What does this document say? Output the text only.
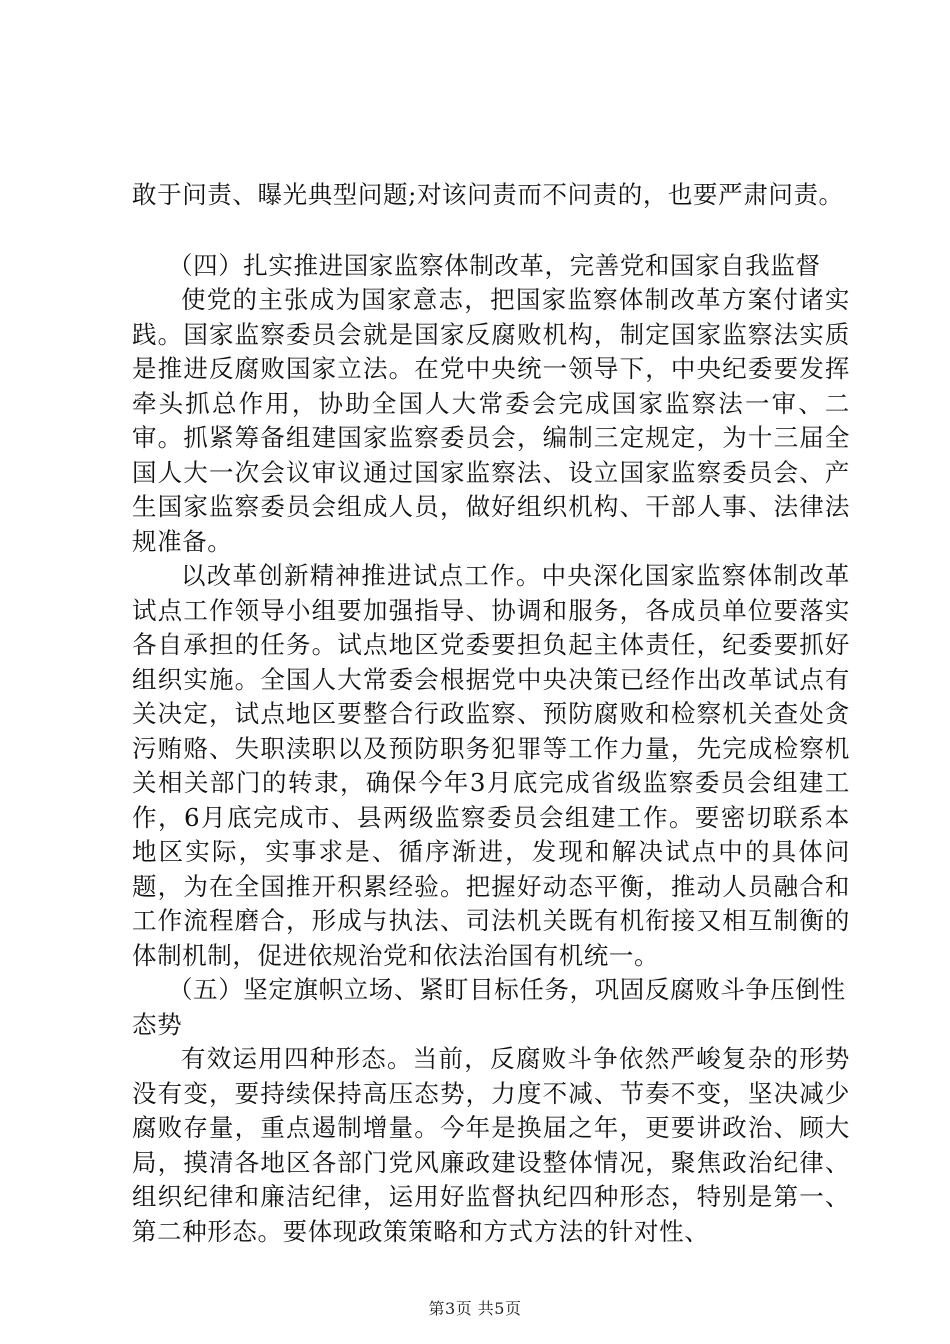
敢于问责、曝光典型问题;对该问责而不问责的，也要严肃问责。

（四）扎实推进国家监察体制改革，完善党和国家自我监督

使党的主张成为国家意志，把国家监察体制改革方案付诸实践。国家监察委员会就是国家反腐败机构，制定国家监察法实质是推进反腐败国家立法。在党中央统一领导下，中央纪委要发挥牵头抓总作用，协助全国人大常委会完成国家监察法一审、二审。抓紧筹备组建国家监察委员会，编制三定规定，为十三届全国人大一次会议审议通过国家监察法、设立国家监察委员会、产生国家监察委员会组成人员，做好组织机构、干部人事、法律法规准备。

以改革创新精神推进试点工作。中央深化国家监察体制改革试点工作领导小组要加强指导、协调和服务，各成员单位要落实各自承担的任务。试点地区党委要担负起主体责任，纪委要抓好组织实施。全国人大常委会根据党中央决策已经作出改革试点有关决定，试点地区要整合行政监察、预防腐败和检察机关查处贪污贿赂、失职渎职以及预防职务犯罪等工作力量，先完成检察机关相关部门的转隶，确保今年3月底完成省级监察委员会组建工作，6月底完成市、县两级监察委员会组建工作。要密切联系本地区实际，实事求是、循序渐进，发现和解决试点中的具体问题，为在全国推开积累经验。把握好动态平衡，推动人员融合和工作流程磨合，形成与执法、司法机关既有机衔接又相互制衡的体制机制，促进依规治党和依法治国有机统一。

（五）坚定旗帜立场、紧盯目标任务，巩固反腐败斗争压倒性态势

有效运用四种形态。当前，反腐败斗争依然严峻复杂的形势没有变，要持续保持高压态势，力度不减、节奏不变，坚决减少腐败存量，重点遏制增量。今年是换届之年，更要讲政治、顾大局，摸清各地区各部门党风廉政建设整体情况，聚焦政治纪律、组织纪律和廉洁纪律，运用好监督执纪四种形态，特别是第一、第二种形态。要体现政策策略和方式方法的针对性、

第3页 共5页
